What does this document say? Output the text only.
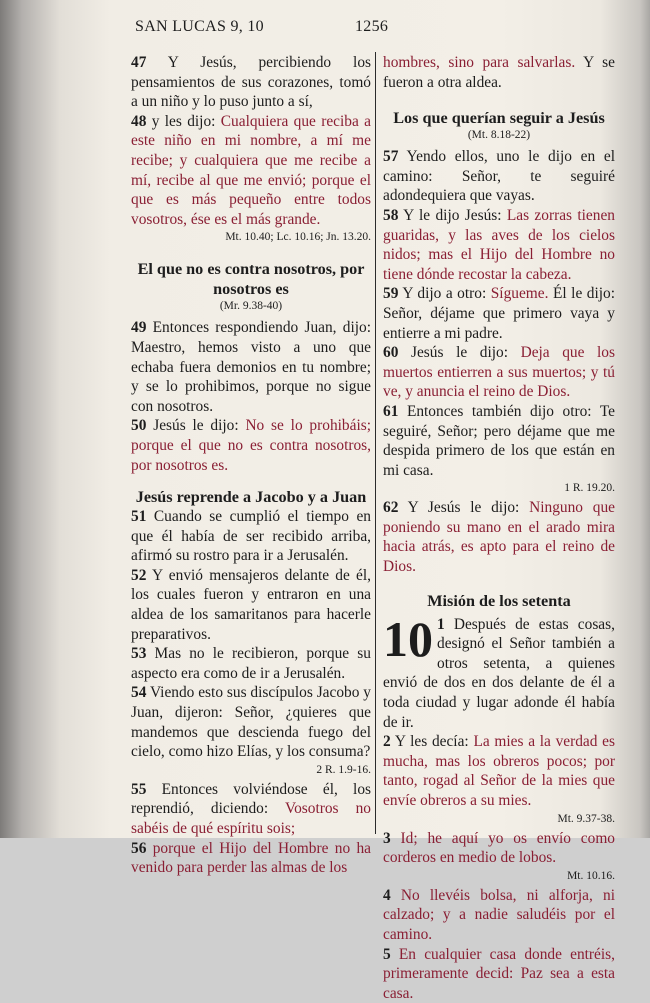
SAN LUCAS 9, 10	1256

47 Y Jesús, percibiendo los pensamientos de sus corazones, tomó a un niño y lo puso junto a sí,

48 y les dijo: Cualquiera que reciba a este niño en mi nombre, a mí me recibe; y cualquiera que me recibe a mí, recibe al que me envió; porque el que es más pequeño entre todos vosotros, ése es el más grande.

Mt. 10.40; Lc. 10.16; Jn. 13.20.
El que no es contra nosotros, por nosotros es
(Mr. 9.38-40)

49 Entonces respondiendo Juan, dijo: Maestro, hemos visto a uno que echaba fuera demonios en tu nombre; y se lo prohibimos, porque no sigue con nosotros.

50 Jesús le dijo: No se lo prohibáis; porque el que no es contra nosotros, por nosotros es.

Jesús reprende a Jacobo y a Juan

51 Cuando se cumplió el tiempo en que él había de ser recibido arriba, afirmó su rostro para ir a Jerusalén.

52 Y envió mensajeros delante de él, los cuales fueron y entraron en una aldea de los samaritanos para hacerle preparativos.

53 Mas no le recibieron, porque su aspecto era como de ir a Jerusalén.

54 Viendo esto sus discípulos Jacobo y Juan, dijeron: Señor, ¿quieres que mandemos que descienda fuego del cielo, como hizo Elías, y los consuma?

2 R. 1.9-16.

55 Entonces volviéndose él, los reprendió, diciendo: Vosotros no sabéis de qué espíritu sois;

56 porque el Hijo del Hombre no ha venido para perder las almas de los

hombres, sino para salvarlas. Y se fueron a otra aldea.

Los que querían seguir a Jesús
(Mt. 8.18-22)

57 Yendo ellos, uno le dijo en el camino: Señor, te seguiré adondequiera que vayas.

58 Y le dijo Jesús: Las zorras tienen guaridas, y las aves de los cielos nidos; mas el Hijo del Hombre no tiene dónde recostar la cabeza.

59 Y dijo a otro: Sígueme. Él le dijo: Señor, déjame que primero vaya y entierre a mi padre.

60 Jesús le dijo: Deja que los muertos entierren a sus muertos; y tú ve, y anuncia el reino de Dios.

61 Entonces también dijo otro: Te seguiré, Señor; pero déjame que me despida primero de los que están en mi casa.

1 R. 19.20.

62 Y Jesús le dijo: Ninguno que poniendo su mano en el arado mira hacia atrás, es apto para el reino de Dios.

Misión de los setenta

10 1 Después de estas cosas, designó el Señor también a otros setenta, a quienes envió de dos en dos delante de él a toda ciudad y lugar adonde él había de ir.

2 Y les decía: La mies a la verdad es mucha, mas los obreros pocos; por tanto, rogad al Señor de la mies que envíe obreros a su mies.

Mt. 9.37-38.

3 Id; he aquí yo os envío como corderos en medio de lobos.

Mt. 10.16.

4 No llevéis bolsa, ni alforja, ni calzado; y a nadie saludéis por el camino.

5 En cualquier casa donde entréis, primeramente decid: Paz sea a esta casa.
